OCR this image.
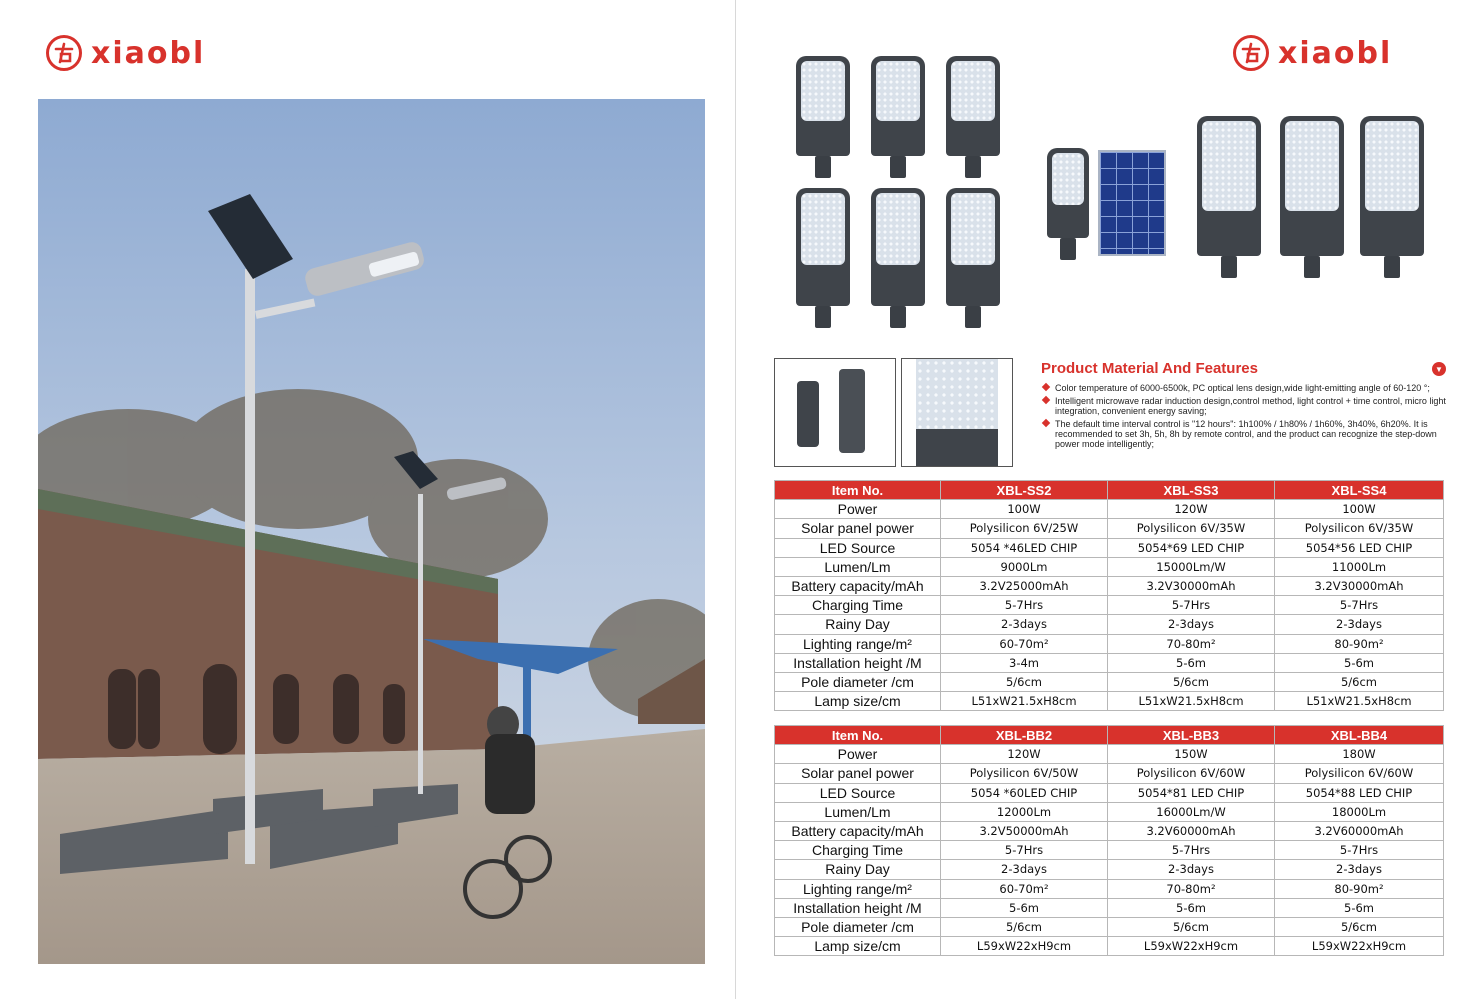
xiaobl	xiaobl
Product Material And Features	▼
Color temperature of 6000-6500k, PC optical lens design,wide light-emitting angle of 60-120 °;
Intelligent microwave radar induction design,control method, light control + time control, micro light integration, convenient energy saving;
The default time interval control is "12 hours": 1h100% / 1h80% / 1h60%, 3h40%, 6h20%. It is recommended to set 3h, 5h, 8h by remote control, and the product can recognize the step-down power mode intelligently;
Item No.	XBL-SS2	XBL-SS3	XBL-SS4
Power	100W	120W	100W
Solar panel power	Polysilicon 6V/25W	Polysilicon 6V/35W	Polysilicon 6V/35W
LED Source	5054 *46LED CHIP	5054*69 LED CHIP	5054*56 LED CHIP
Lumen/Lm	9000Lm	15000Lm/W	11000Lm
Battery capacity/mAh	3.2V25000mAh	3.2V30000mAh	3.2V30000mAh
Charging Time	5-7Hrs	5-7Hrs	5-7Hrs
Rainy Day	2-3days	2-3days	2-3days
Lighting range/m²	60-70m²	70-80m²	80-90m²
Installation height /M	3-4m	5-6m	5-6m
Pole diameter /cm	5/6cm	5/6cm	5/6cm
Lamp size/cm	L51xW21.5xH8cm	L51xW21.5xH8cm	L51xW21.5xH8cm
Item No.	XBL-BB2	XBL-BB3	XBL-BB4
Power	120W	150W	180W
Solar panel power	Polysilicon 6V/50W	Polysilicon 6V/60W	Polysilicon 6V/60W
LED Source	5054 *60LED CHIP	5054*81 LED CHIP	5054*88 LED CHIP
Lumen/Lm	12000Lm	16000Lm/W	18000Lm
Battery capacity/mAh	3.2V50000mAh	3.2V60000mAh	3.2V60000mAh
Charging Time	5-7Hrs	5-7Hrs	5-7Hrs
Rainy Day	2-3days	2-3days	2-3days
Lighting range/m²	60-70m²	70-80m²	80-90m²
Installation height /M	5-6m	5-6m	5-6m
Pole diameter /cm	5/6cm	5/6cm	5/6cm
Lamp size/cm	L59xW22xH9cm	L59xW22xH9cm	L59xW22xH9cm
